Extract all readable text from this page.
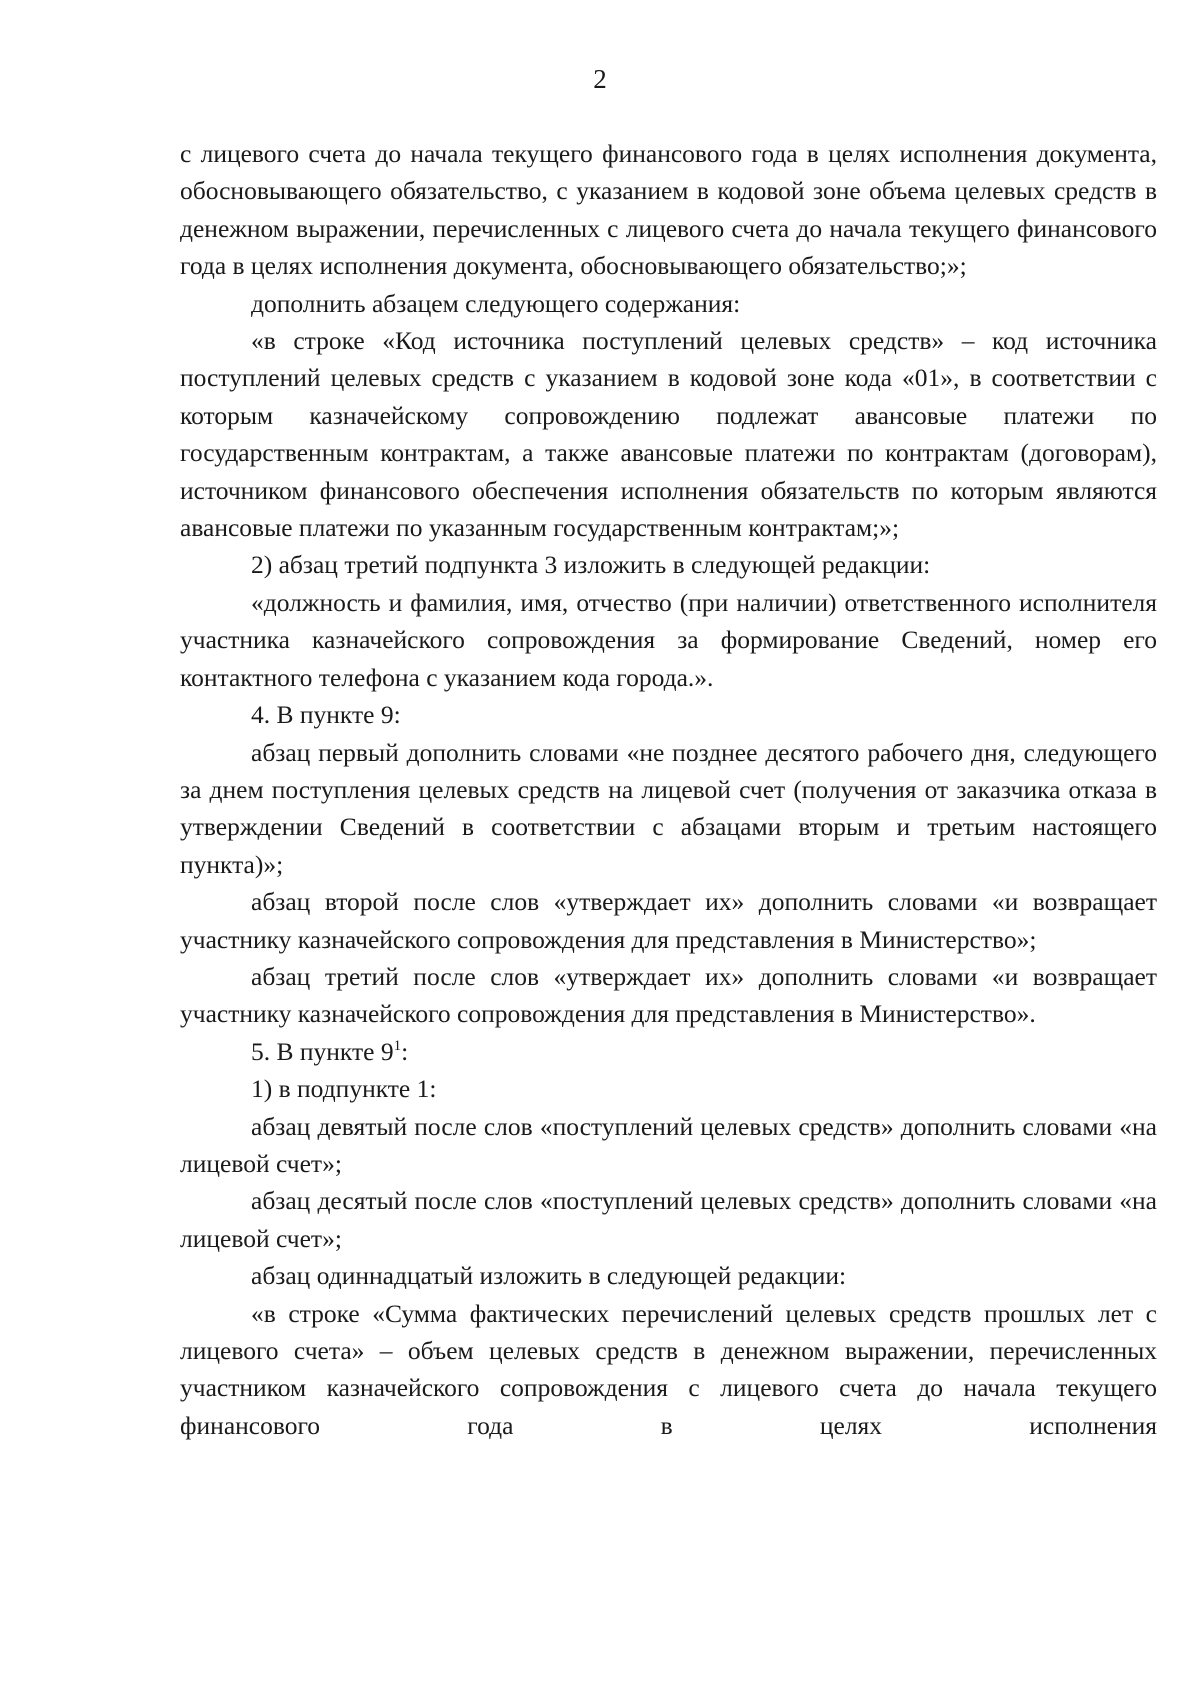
2

с лицевого счета до начала текущего финансового года в целях исполнения документа, обосновывающего обязательство, с указанием в кодовой зоне объема целевых средств в денежном выражении, перечисленных с лицевого счета до начала текущего финансового года в целях исполнения документа, обосновывающего обязательство;»;

дополнить абзацем следующего содержания:

«в строке «Код источника поступлений целевых средств» – код источника поступлений целевых средств с указанием в кодовой зоне кода «01», в соответствии с которым казначейскому сопровождению подлежат авансовые платежи по государственным контрактам, а также авансовые платежи по контрактам (договорам), источником финансового обеспечения исполнения обязательств по которым являются авансовые платежи по указанным государственным контрактам;»;

2) абзац третий подпункта 3 изложить в следующей редакции:

«должность и фамилия, имя, отчество (при наличии) ответственного исполнителя участника казначейского сопровождения за формирование Сведений, номер его контактного телефона с указанием кода города.».

4. В пункте 9:

абзац первый дополнить словами «не позднее десятого рабочего дня, следующего за днем поступления целевых средств на лицевой счет (получения от заказчика отказа в утверждении Сведений в соответствии с абзацами вторым и третьим настоящего пункта)»;

абзац второй после слов «утверждает их» дополнить словами «и возвращает участнику казначейского сопровождения для представления в Министерство»;

абзац третий после слов «утверждает их» дополнить словами «и возвращает участнику казначейского сопровождения для представления в Министерство».

5. В пункте $9^1$:

1) в подпункте 1:

абзац девятый после слов «поступлений целевых средств» дополнить словами «на лицевой счет»;

абзац десятый после слов «поступлений целевых средств» дополнить словами «на лицевой счет»;

абзац одиннадцатый изложить в следующей редакции:

«в строке «Сумма фактических перечислений целевых средств прошлых лет с лицевого счета» – объем целевых средств в денежном выражении, перечисленных участником казначейского сопровождения с лицевого счета до начала текущего финансового года в целях исполнения
